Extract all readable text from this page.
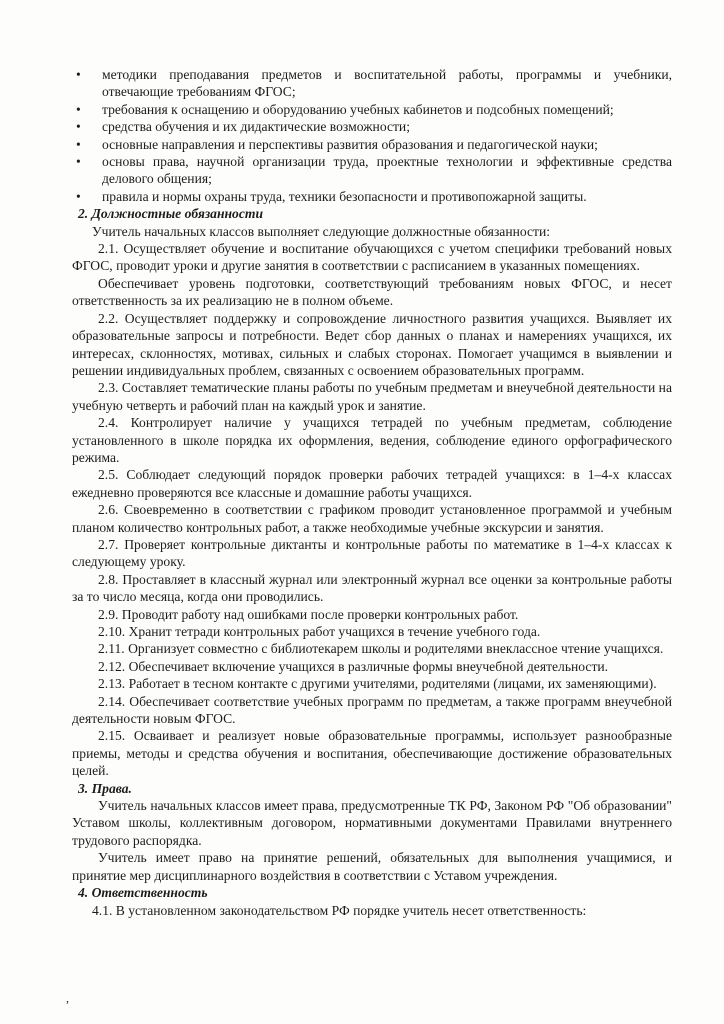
• методики преподавания предметов и воспитательной работы, программы и учебники, отвечающие требованиям ФГОС;
• требования к оснащению и оборудованию учебных кабинетов и подсобных помещений;
• средства обучения и их дидактические возможности;
• основные направления и перспективы развития образования и педагогической науки;
• основы права, научной организации труда, проектные технологии и эффективные средства делового общения;
• правила и нормы охраны труда, техники безопасности и противопожарной защиты.

2. Должностные обязанности

Учитель начальных классов выполняет следующие должностные обязанности:

2.1. Осуществляет обучение и воспитание обучающихся с учетом специфики требований новых ФГОС, проводит уроки и другие занятия в соответствии с расписанием в указанных помещениях.

Обеспечивает уровень подготовки, соответствующий требованиям новых ФГОС, и несет ответственность за их реализацию не в полном объеме.

2.2. Осуществляет поддержку и сопровождение личностного развития учащихся. Выявляет их образовательные запросы и потребности. Ведет сбор данных о планах и намерениях учащихся, их интересах, склонностях, мотивах, сильных и слабых сторонах. Помогает учащимся в выявлении и решении индивидуальных проблем, связанных с освоением образовательных программ.

2.3. Составляет тематические планы работы по учебным предметам и внеучебной деятельности на учебную четверть и рабочий план на каждый урок и занятие.

2.4. Контролирует наличие у учащихся тетрадей по учебным предметам, соблюдение установленного в школе порядка их оформления, ведения, соблюдение единого орфографического режима.

2.5. Соблюдает следующий порядок проверки рабочих тетрадей учащихся: в 1–4-х классах ежедневно проверяются все классные и домашние работы учащихся.

2.6. Своевременно в соответствии с графиком проводит установленное программой и учебным планом количество контрольных работ, а также необходимые учебные экскурсии и занятия.

2.7. Проверяет контрольные диктанты и контрольные работы по математике в 1–4-х классах к следующему уроку.

2.8. Проставляет в классный журнал или электронный журнал все оценки за контрольные работы за то число месяца, когда они проводились.

2.9. Проводит работу над ошибками после проверки контрольных работ.

2.10. Хранит тетради контрольных работ учащихся в течение учебного года.

2.11. Организует совместно с библиотекарем школы и родителями внеклассное чтение учащихся.

2.12. Обеспечивает включение учащихся в различные формы внеучебной деятельности.

2.13. Работает в тесном контакте с другими учителями, родителями (лицами, их заменяющими).

2.14. Обеспечивает соответствие учебных программ по предметам, а также программ внеучебной деятельности новым ФГОС.

2.15. Осваивает и реализует новые образовательные программы, использует разнообразные приемы, методы и средства обучения и воспитания, обеспечивающие достижение образовательных целей.

3. Права.

Учитель начальных классов имеет права, предусмотренные ТК РФ, Законом РФ "Об образовании" Уставом школы, коллективным договором, нормативными документами Правилами внутреннего трудового распорядка.

Учитель имеет право на принятие решений, обязательных для выполнения учащимися, и принятие мер дисциплинарного воздействия в соответствии с Уставом учреждения.

4. Ответственность

4.1. В установленном законодательством РФ порядке учитель несет ответственность:

,
